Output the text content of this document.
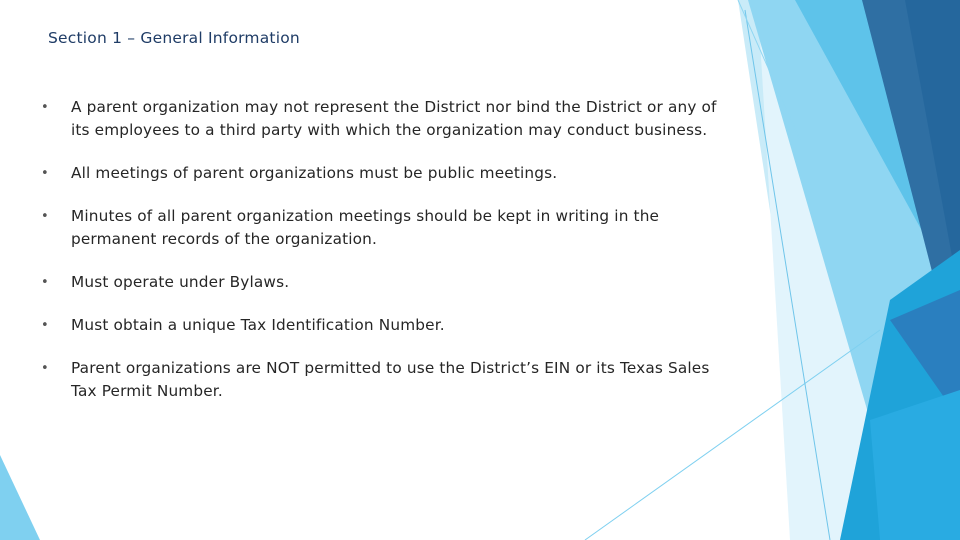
Section 1 – General Information
• A parent organization may not represent the District nor bind the District or any of its employees to a third party with which the organization may conduct business.
• All meetings of parent organizations must be public meetings.
• Minutes of all parent organization meetings should be kept in writing in the permanent records of the organization.
• Must operate under Bylaws.
• Must obtain a unique Tax Identification Number.
• Parent organizations are NOT permitted to use the District’s EIN or its Texas Sales Tax Permit Number.
